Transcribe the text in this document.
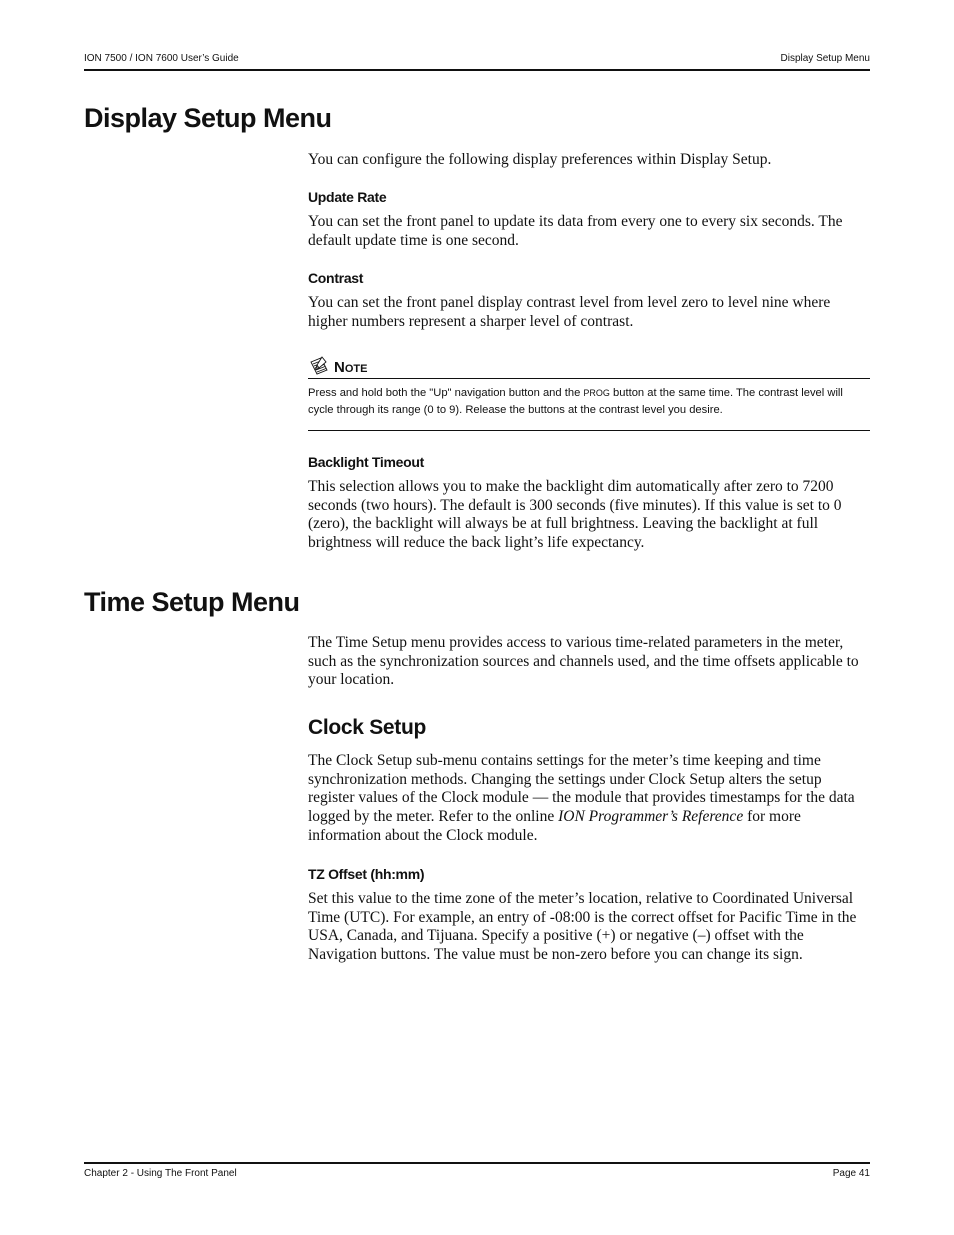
ION 7500 / ION 7600 User’s Guide	Display Setup Menu
Display Setup Menu

You can configure the following display preferences within Display Setup.

Update Rate

You can set the front panel to update its data from every one to every six seconds. The default update time is one second.

Contrast

You can set the front panel display contrast level from level zero to level nine where higher numbers represent a sharper level of contrast.

NOTE

Press and hold both the "Up" navigation button and the PROG button at the same time. The contrast level will cycle through its range (0 to 9). Release the buttons at the contrast level you desire.

Backlight Timeout

This selection allows you to make the backlight dim automatically after zero to 7200 seconds (two hours). The default is 300 seconds (five minutes). If this value is set to 0 (zero), the backlight will always be at full brightness. Leaving the backlight at full brightness will reduce the back light’s life expectancy.

Time Setup Menu

The Time Setup menu provides access to various time-related parameters in the meter, such as the synchronization sources and channels used, and the time offsets applicable to your location.

Clock Setup

The Clock Setup sub-menu contains settings for the meter’s time keeping and time synchronization methods. Changing the settings under Clock Setup alters the setup register values of the Clock module — the module that provides timestamps for the data logged by the meter. Refer to the online ION Programmer’s Reference for more information about the Clock module.

TZ Offset (hh:mm)

Set this value to the time zone of the meter’s location, relative to Coordinated Universal Time (UTC). For example, an entry of -08:00 is the correct offset for Pacific Time in the USA, Canada, and Tijuana. Specify a positive (+) or negative (–) offset with the Navigation buttons. The value must be non-zero before you can change its sign.

Chapter 2 - Using The Front Panel	Page 41
